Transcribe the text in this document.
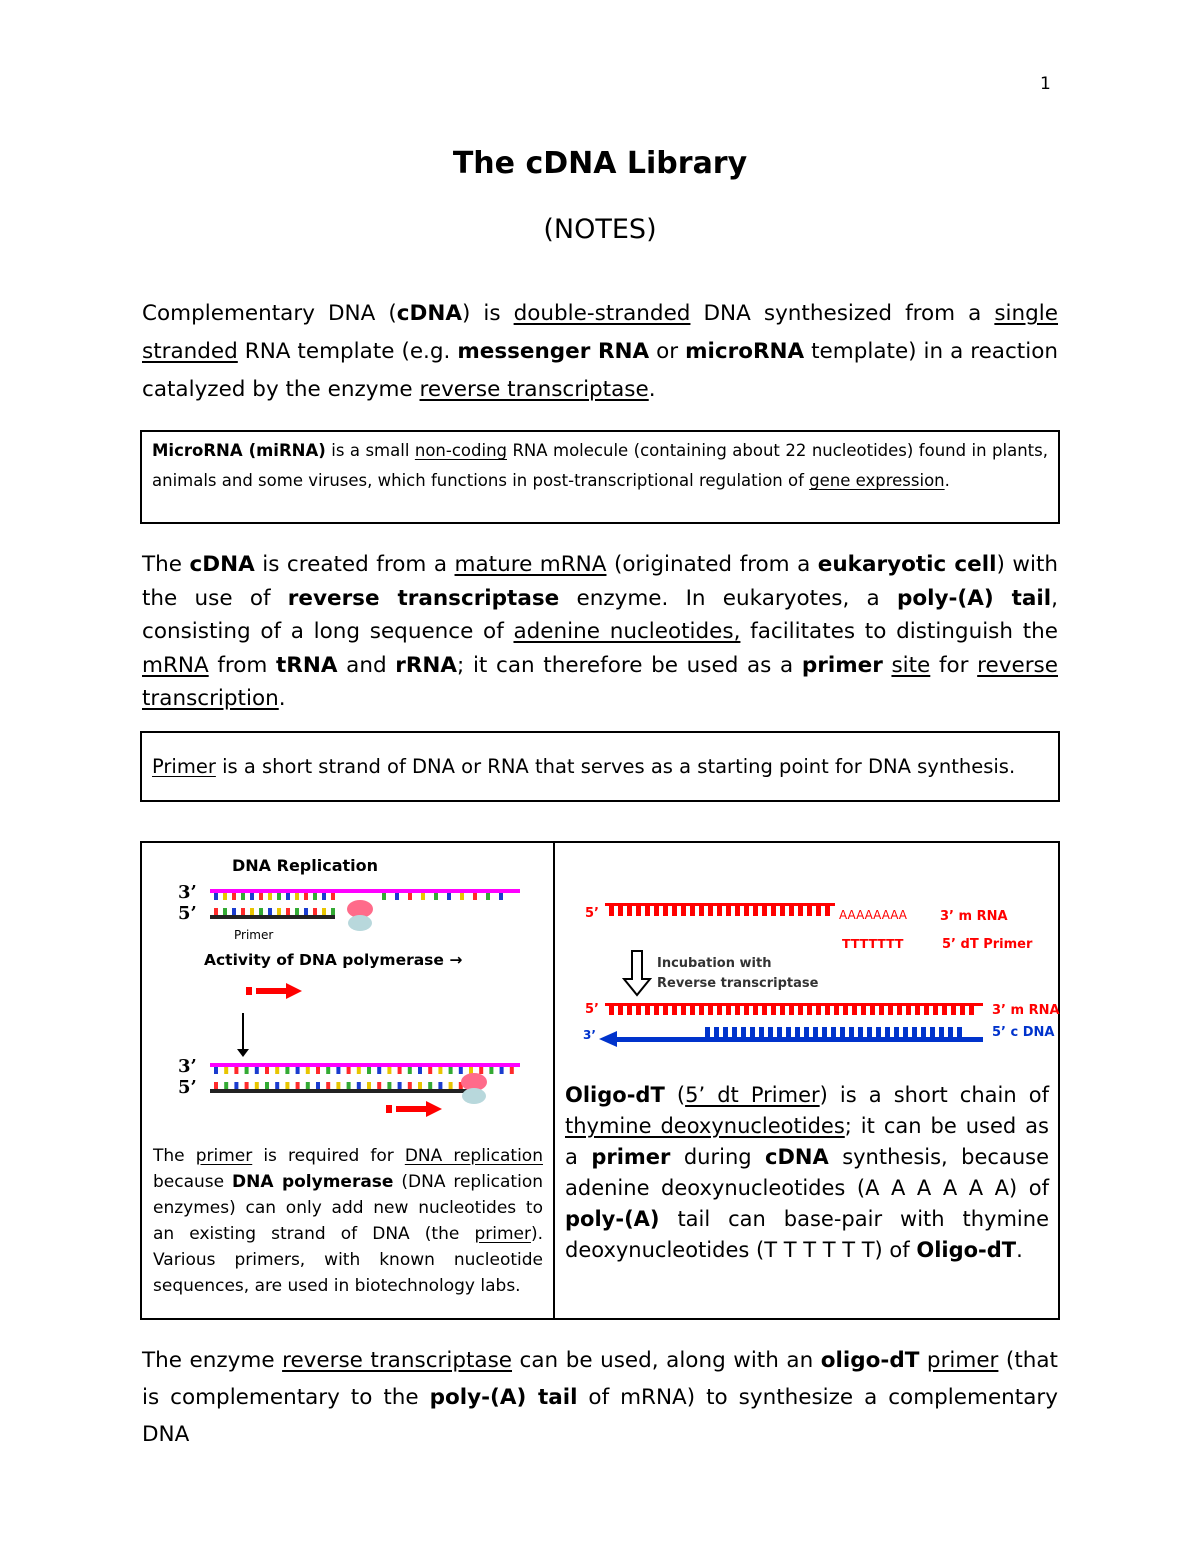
1
The cDNA Library
(NOTES)
Complementary DNA (cDNA) is double-stranded DNA synthesized from a single stranded RNA template (e.g. messenger RNA or microRNA template) in a reaction catalyzed by the enzyme reverse transcriptase.
MicroRNA (miRNA) is a small non-coding RNA molecule (containing about 22 nucleotides) found in plants, animals and some viruses, which functions in post-transcriptional regulation of gene expression.
The cDNA is created from a mature mRNA (originated from a eukaryotic cell) with the use of reverse transcriptase enzyme. In eukaryotes, a poly-(A) tail, consisting of a long sequence of adenine nucleotides, facilitates to distinguish the mRNA from tRNA and rRNA; it can therefore be used as a primer site for reverse transcription.
Primer is a short strand of DNA or RNA that serves as a starting point for DNA synthesis.
DNA Replication
3’
5’
Primer
Activity of DNA polymerase →
3’
5’
The primer is required for DNA replication because DNA polymerase (DNA replication enzymes) can only add new nucleotides to an existing strand of DNA (the primer). Various primers, with known nucleotide sequences, are used in biotechnology labs.
5’	AAAAAAAA	3’ m RNA
TTTTTTT	5’ dT Primer
Incubation with
Reverse transcriptase
5’
3’
3’ m RNA
5’ c DNA
Oligo-dT (5’ dt Primer) is a short chain of thymine deoxynucleotides; it can be used as a primer during cDNA synthesis, because adenine deoxynucleotides (A A A A A A) of poly-(A) tail can base-pair with thymine deoxynucleotides (T T T T T T) of Oligo-dT.
The enzyme reverse transcriptase can be used, along with an oligo-dT primer (that is complementary to the poly-(A) tail of mRNA) to synthesize a complementary DNA
